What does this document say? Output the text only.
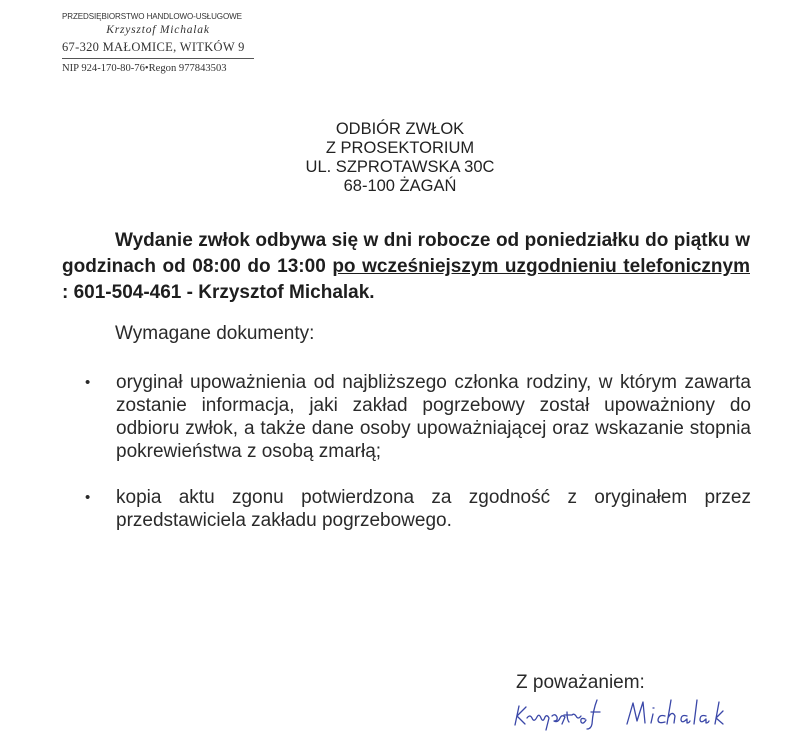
PRZEDSIĘBIORSTWO HANDLOWO-USŁUGOWE
Krzysztof Michalak
67-320 MAŁOMICE, WITKÓW 9
NIP 924-170-80-76•Regon 977843503
ODBIÓR ZWŁOK
Z PROSEKTORIUM
UL. SZPROTAWSKA 30C
68-100 ŻAGAŃ

Wydanie zwłok odbywa się w dni robocze od poniedziałku do piątku w godzinach od 08:00 do 13:00 po wcześniejszym uzgodnieniu telefonicznym : 601-504-461 - Krzysztof Michalak.

Wymagane dokumenty:
• oryginał upoważnienia od najbliższego członka rodziny, w którym zawarta zostanie informacja, jaki zakład pogrzebowy został upoważniony do odbioru zwłok, a także dane osoby upoważniającej oraz wskazanie stopnia pokrewieństwa z osobą zmarłą;
• kopia aktu zgonu potwierdzona za zgodność z oryginałem przez przedstawiciela zakładu pogrzebowego.
Z poważaniem:
